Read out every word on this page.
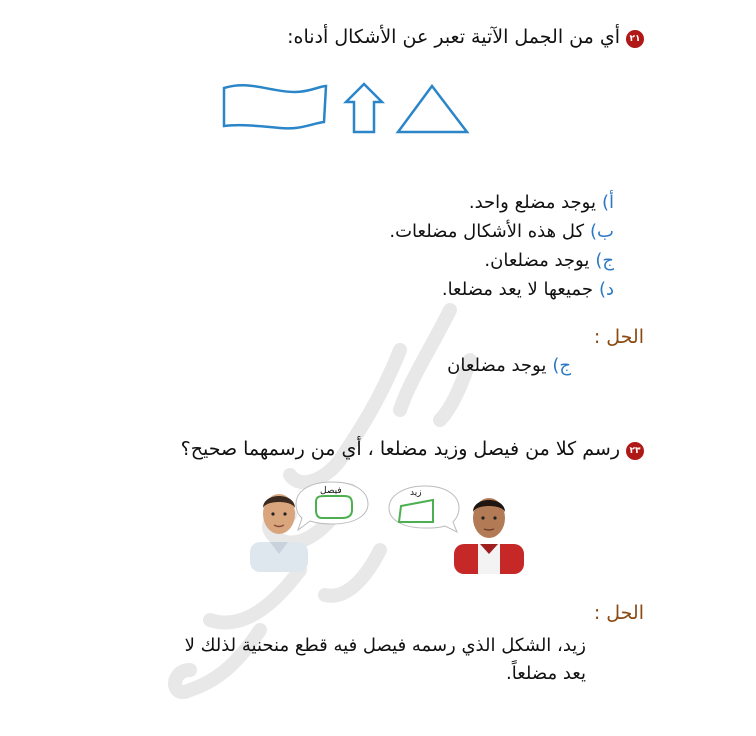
٢١أي من الجمل الآتية تعبر عن الأشكال أدناه:
أ)يوجد مضلع واحد.
ب)كل هذه الأشكال مضلعات.
ج)يوجد مضلعان.
د)جميعها لا يعد مضلعا.
الحل :
ج)يوجد مضلعان
٢٣رسم كلا من فيصل وزيد مضلعا ، أي من رسمهما صحيح؟
فيصل	زيد
الحل :
زيد، الشكل الذي رسمه فيصل فيه قطع منحنية لذلك لا
يعد مضلعاً.
